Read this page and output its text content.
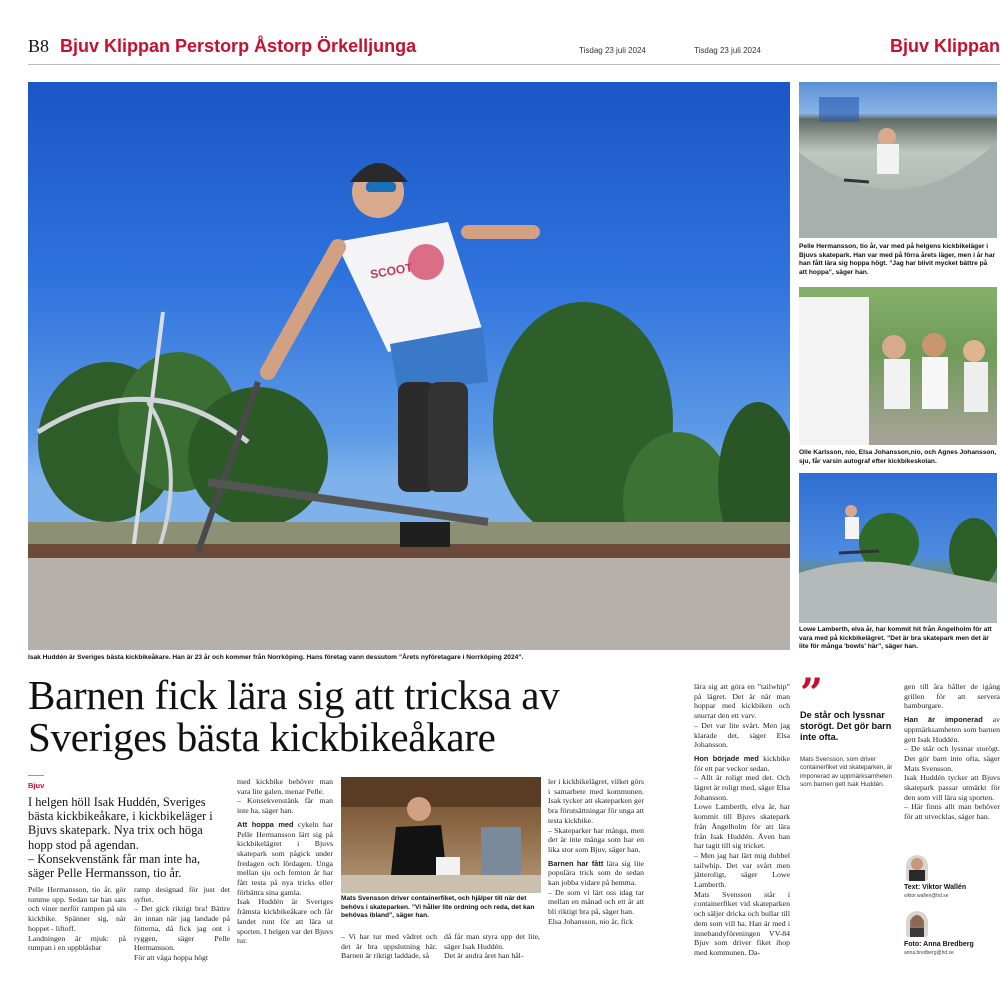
B8 Bjuv Klippan Perstorp Åstorp Örkelljunga	Tisdag 23 juli 2024	Tisdag 23 juli 2024	Bjuv Klippan
SCOOT
Isak Huddén är Sveriges bästa kickbikeåkare. Han är 23 år och kommer från Norrköping. Hans företag vann dessutom ”Årets nyföretagare i Norrköping 2024”.
Pelle Hermansson, tio år, var med på helgens kickbikeläger i Bjuvs skatepark. Han var med på förra årets läger, men i år har han fått lära sig hoppa högt. ”Jag har blivit mycket bättre på att hoppa”, säger han.
Olle Karlsson, nio, Elsa Johansson,nio, och Agnes Johansson, sju, får varsin autograf efter kickbikeskolan.
Lowe Lamberth, elva år, har kommit hit från Ängelholm för att vara med på kickbikelägret. ”Det är bra skatepark men det är lite för många 'bowls' här”, säger han.
Barnen fick lära sig att tricksa av Sveriges bästa kickbikeåkare
Bjuv
I helgen höll Isak Huddén, Sveriges bästa kickbikeåkare, i kickbikeläger i Bjuvs skatepark. Nya trix och höga hopp stod på agendan.
– Konsekvenstänk får man inte ha, säger Pelle Hermansson, tio år.
Pelle Hermansson, tio år, gör tumme upp. Sedan tar han sats och viner nerför rampen på sin kickbike. Spänner sig, når hoppet - liftoff.
Landningen är mjuk: på rumpan i en uppblåsbar
ramp designad för just det syftet.
– Det gick riktigt bra! Bättre än innan när jag landade på fötterna, då fick jag ont i ryggen, säger Pelle Hermansson.
För att våga hoppa högt

med kickbike behöver man vara lite galen, menar Pelle.
– Konsekvenstänk får man inte ha, säger han.

Att hoppa med cykeln har Pelle Hermansson lärt sig på kickbikelägret i Bjuvs skatepark som pågick under fredagen och lördagen. Unga mellan sju och femton år har fått testa på nya tricks eller förbättra sina gamla.
Isak Huddén är Sveriges främsta kickbikeåkare och får landet runt för att lära ut sporten. I helgen var det Bjuvs tur.

Mats Svensson driver containerfiket, och hjälper till när det behövs i skateparken. ”Vi håller lite ordning och reda, det kan behövas ibland”, säger han.
– Vi har tur med vädret och det är bra uppslutning här. Barnen är riktigt laddade, så
då får man styra upp det lite, säger Isak Huddén.
Det är andra året han hål-

ler i kickbikelägret, vilket görs i samarbete med kommunen. Isak tycker att skateparken ger bra förutsättningar för unga att testa kickbike.
– Skateparker har många, men det är inte många som har en lika stor som Bjuv, säger han.

Barnen har fått lära sig lite populära trick som de sedan kan jobba vidare på hemma.
– De som vi lärt oss idag tar mellan en månad och ett år att bli riktigt bra på, säger han.
Elsa Johansson, nio år, fick

lära sig att göra en ”tailwhip” på lägret. Det är när man hoppar med kickbiken och snurrar den ett varv.
– Det var lite svårt. Men jag klarade det, säger Elsa Johansson.

Hon började med kickbike för ett par veckor sedan.
– Allt är roligt med det. Och lägret är roligt med, säger Elsa Johansson.
Lowe Lamberth, elva år, har kommit till Bjuvs skatepark från Ängelholm för att lära från Isak Huddén. Även han har tagit till sig tricket.
– Men jag har lärt mig dubbel tailwhip. Det var svårt men jätteroligt, säger Lowe Lamberth.
Mats Svensson står i containerfiket vid skateparken och säljer dricka och bullar till dem som vill ha. Han är med i innebandyföreningen VV-84 Bjuv som driver fiket ihop med kommunen. Da-

”
De står och lyssnar storögt. Det gör barn inte ofta.
Mats Svensson, som driver containerfiket vid skateparken, är imponerad av uppmärksamheten som barnen gett Isak Huddén.

gen till åra håller de igång grillen för att servera hamburgare.

Han är imponerad av uppmärksamheten som barnen gett Isak Huddén.
– De står och lyssnar storögt. Det gör barn inte ofta, säger Mats Svensson.
Isak Huddén tycker att Bjuvs skatepark passar utmärkt för den som vill lära sig sporten.
– Här finns allt man behöver för att utvecklas, säger han.

Text: Viktor Wallén
viktor.wallen@hd.se
Foto: Anna Bredberg
anna.bredberg@hd.se
